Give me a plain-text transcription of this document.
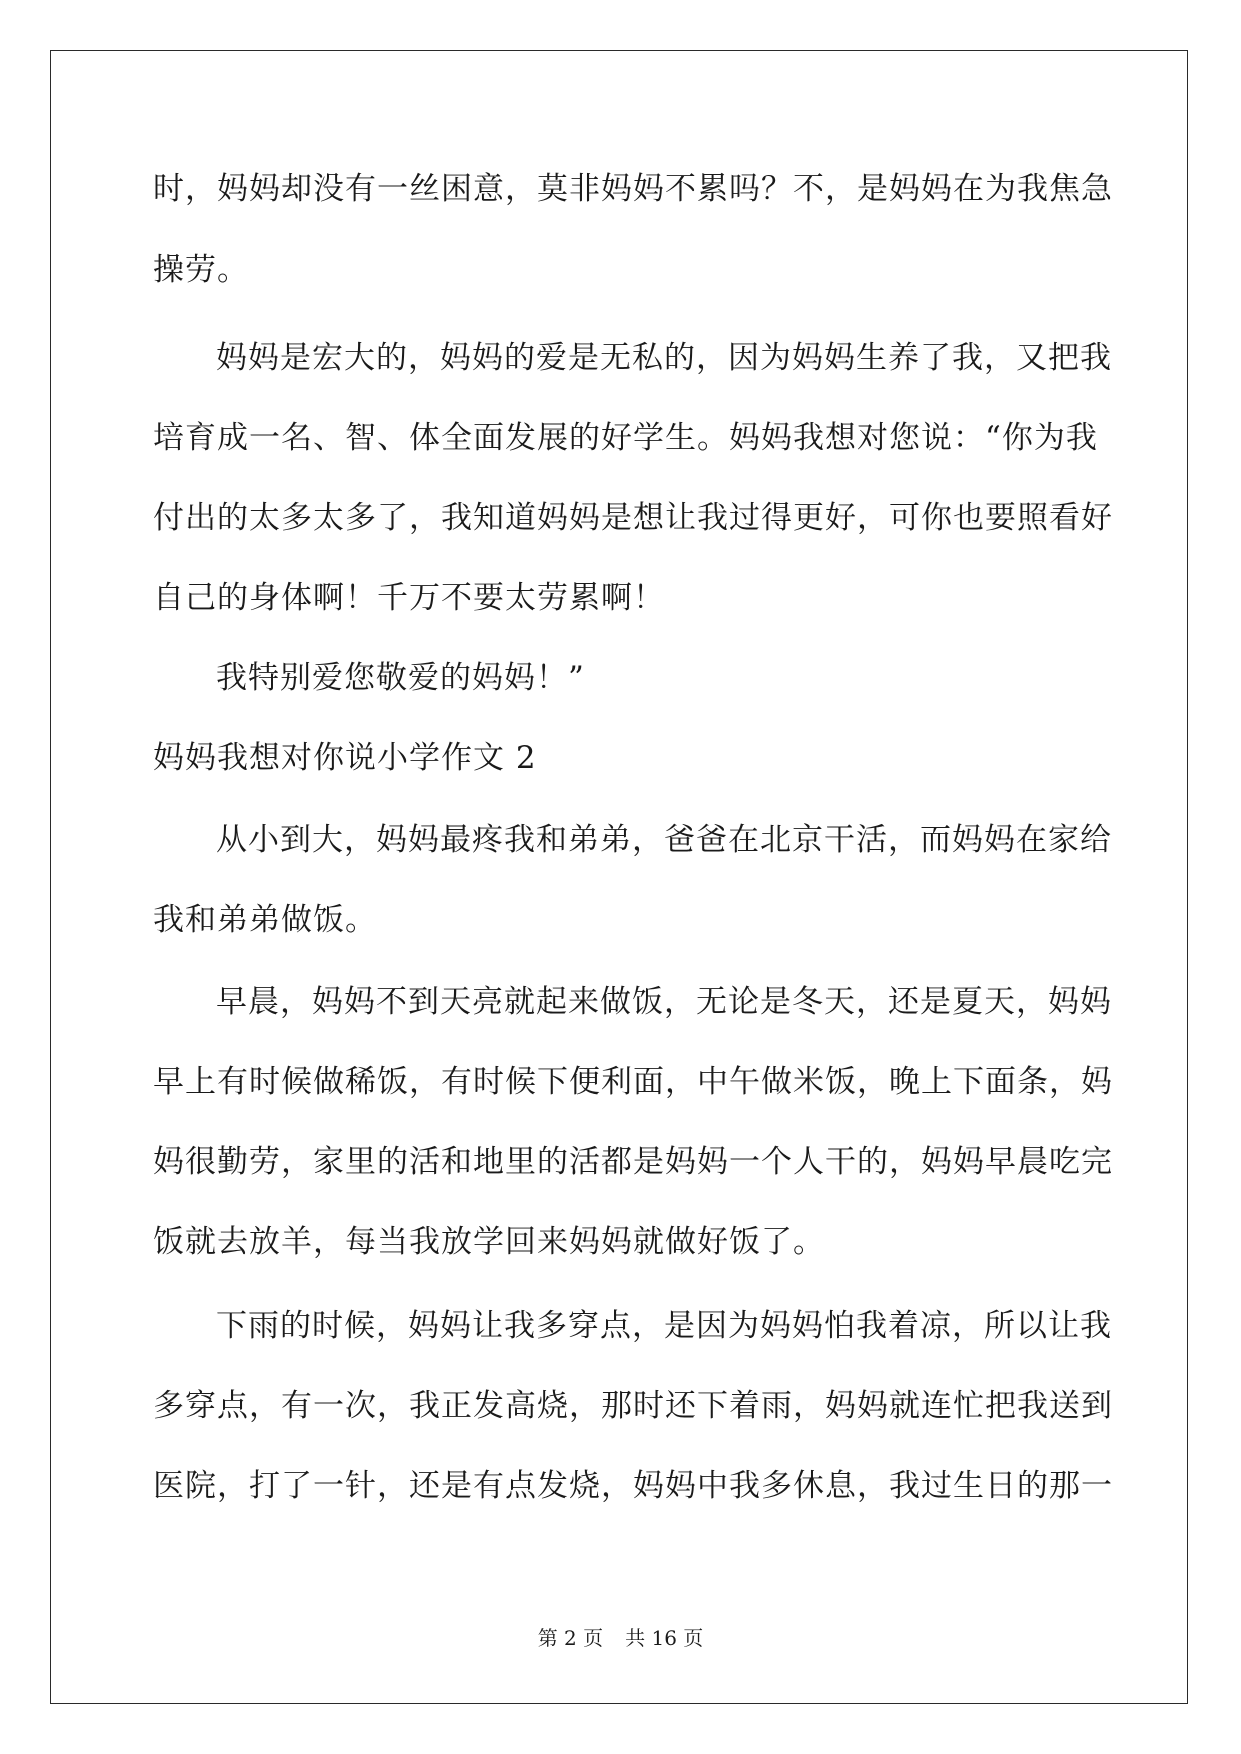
时，妈妈却没有一丝困意，莫非妈妈不累吗？不，是妈妈在为我焦急
操劳。
妈妈是宏大的，妈妈的爱是无私的，因为妈妈生养了我，又把我
培育成一名、智、体全面发展的好学生。妈妈我想对您说：“你为我
付出的太多太多了，我知道妈妈是想让我过得更好，可你也要照看好
自己的身体啊！千万不要太劳累啊！
我特别爱您敬爱的妈妈！”
妈妈我想对你说小学作文 2
从小到大，妈妈最疼我和弟弟，爸爸在北京干活，而妈妈在家给
我和弟弟做饭。
早晨，妈妈不到天亮就起来做饭，无论是冬天，还是夏天，妈妈
早上有时候做稀饭，有时候下便利面，中午做米饭，晚上下面条，妈
妈很勤劳，家里的活和地里的活都是妈妈一个人干的，妈妈早晨吃完
饭就去放羊，每当我放学回来妈妈就做好饭了。
下雨的时候，妈妈让我多穿点，是因为妈妈怕我着凉，所以让我
多穿点，有一次，我正发高烧，那时还下着雨，妈妈就连忙把我送到
医院，打了一针，还是有点发烧，妈妈中我多休息，我过生日的那一
第 2 页 共 16 页
